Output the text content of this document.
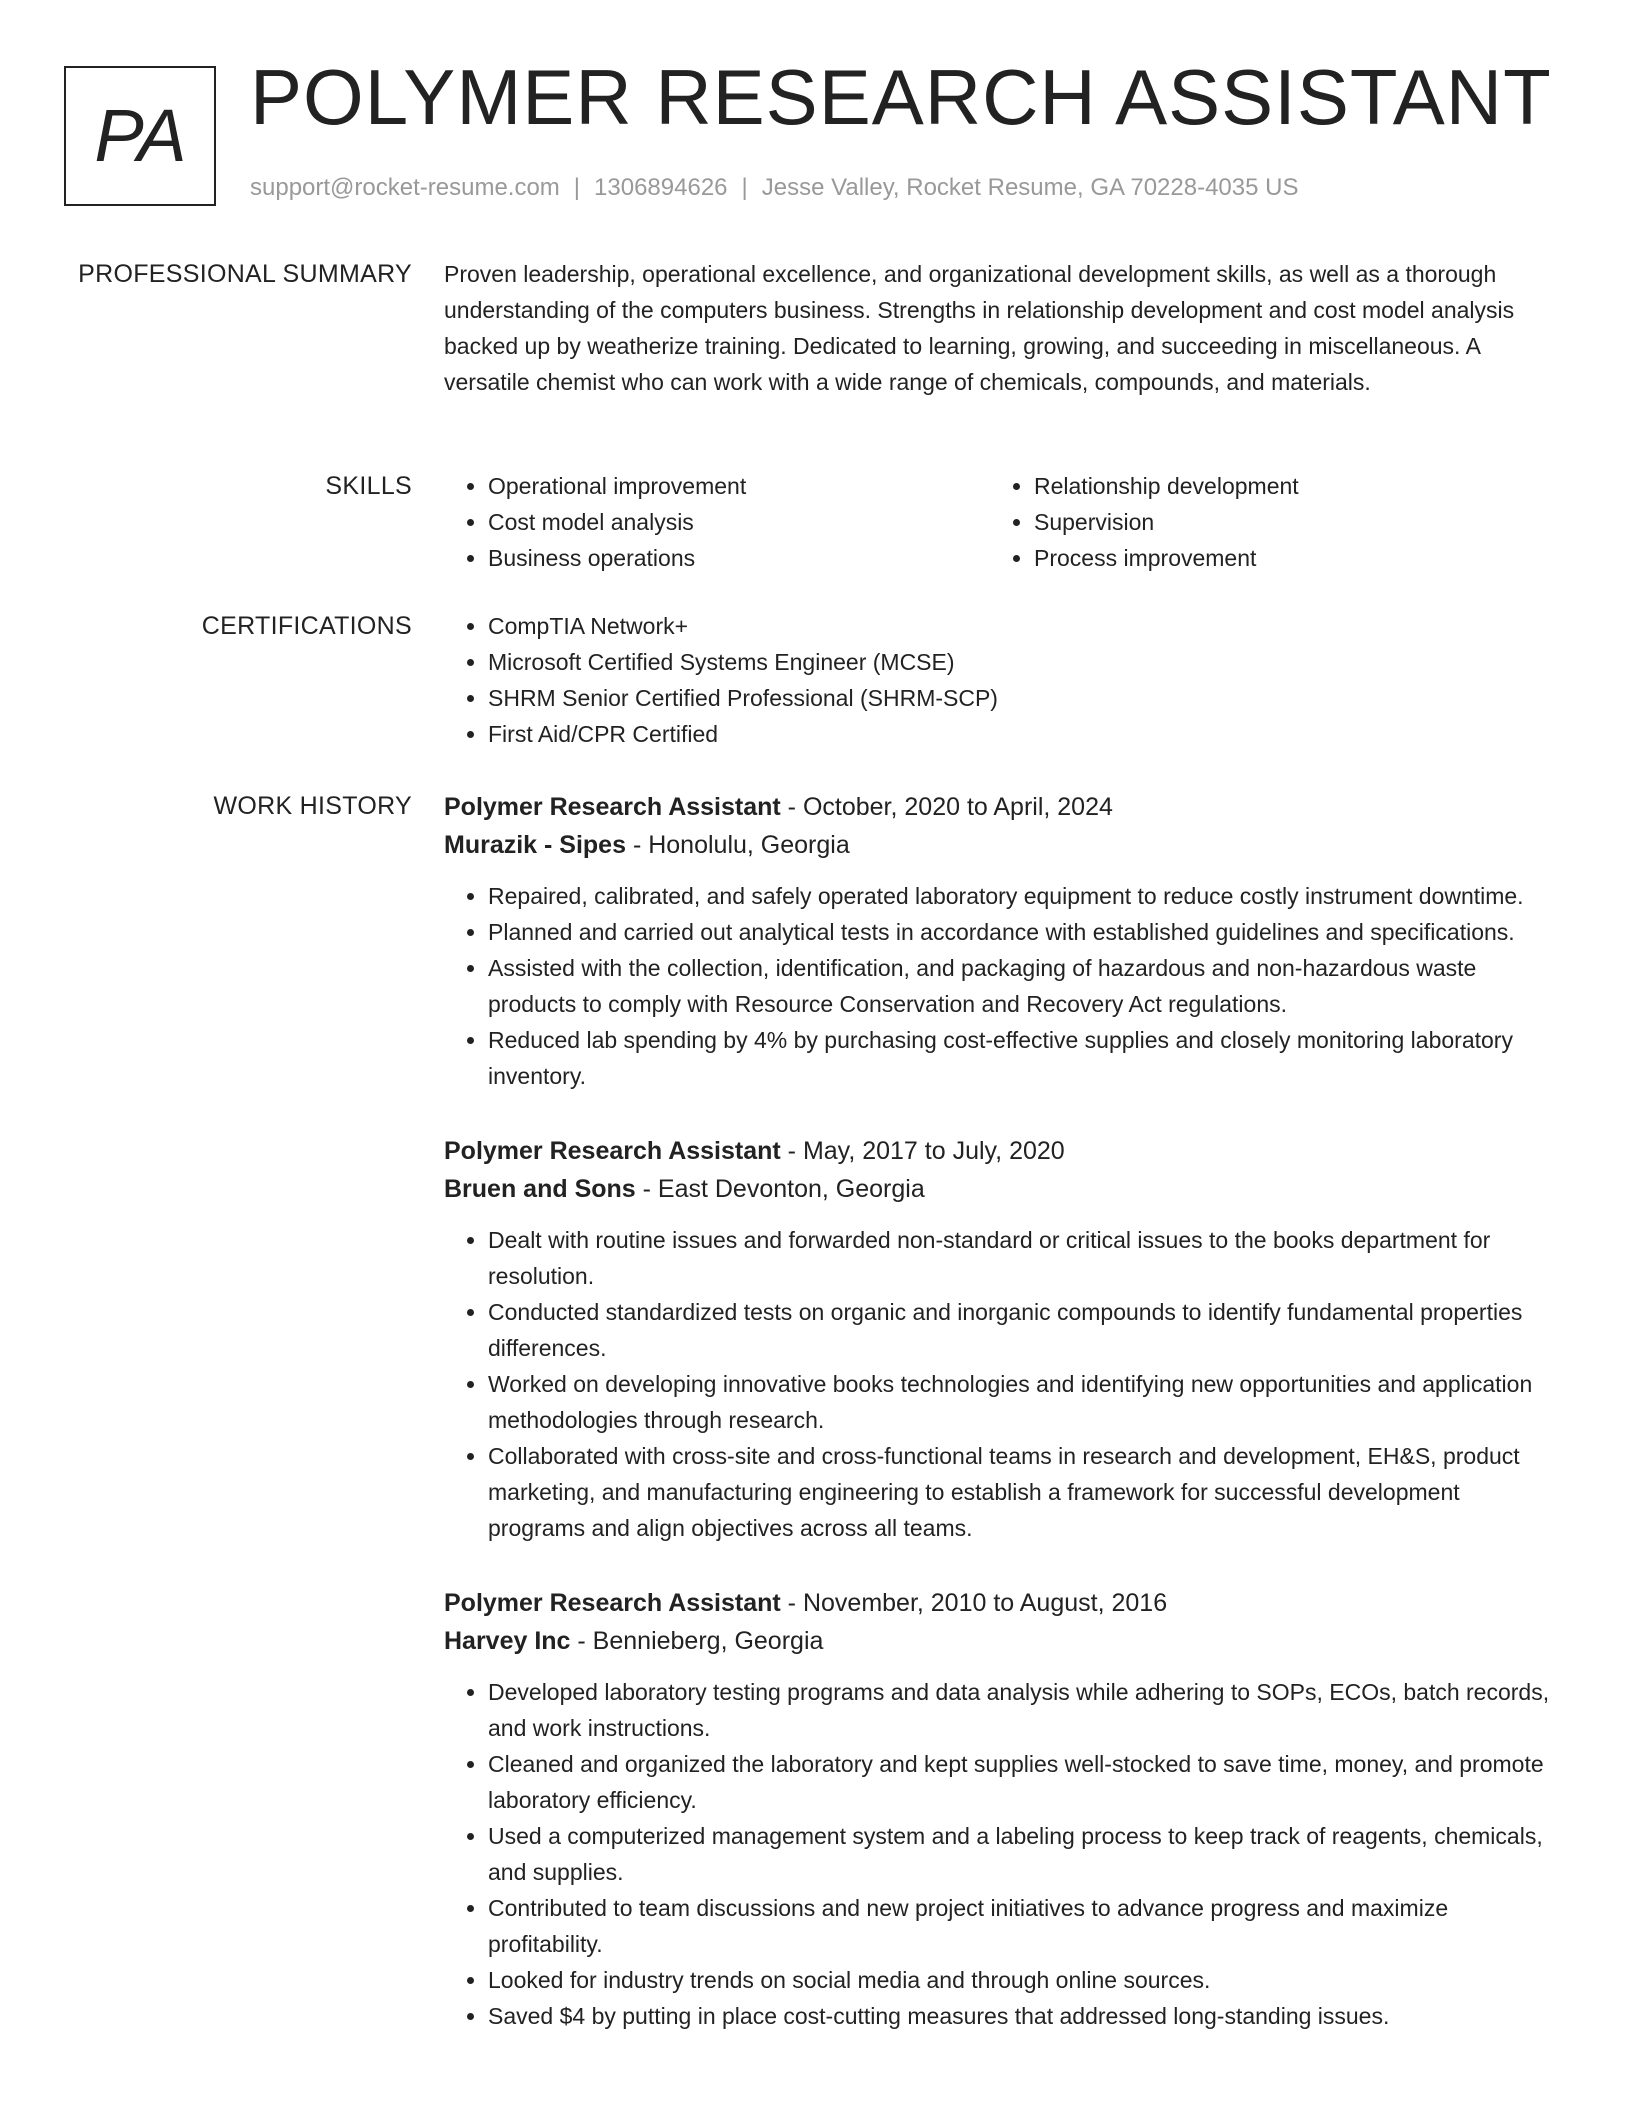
PA POLYMER RESEARCH ASSISTANT
support@rocket-resume.com | 1306894626 | Jesse Valley, Rocket Resume, GA 70228-4035 US
PROFESSIONAL SUMMARY Proven leadership, operational excellence, and organizational development skills, as well as a thorough understanding of the computers business. Strengths in relationship development and cost model analysis backed up by weatherize training. Dedicated to learning, growing, and succeeding in miscellaneous. A versatile chemist who can work with a wide range of chemicals, compounds, and materials.

SKILLS	• Operational improvement
• Cost model analysis
• Business operations
• Relationship development
• Supervision
• Process improvement
CERTIFICATIONS	• CompTIA Network+
• Microsoft Certified Systems Engineer (MCSE)
• SHRM Senior Certified Professional (SHRM-SCP)
• First Aid/CPR Certified
WORK HISTORY Polymer Research Assistant - October, 2020 to April, 2024
Murazik - Sipes - Honolulu, Georgia
• Repaired, calibrated, and safely operated laboratory equipment to reduce costly instrument downtime.
• Planned and carried out analytical tests in accordance with established guidelines and specifications.
• Assisted with the collection, identification, and packaging of hazardous and non-hazardous waste products to comply with Resource Conservation and Recovery Act regulations.
• Reduced lab spending by 4% by purchasing cost-effective supplies and closely monitoring laboratory inventory.
Polymer Research Assistant - May, 2017 to July, 2020
Bruen and Sons - East Devonton, Georgia
• Dealt with routine issues and forwarded non-standard or critical issues to the books department for resolution.
• Conducted standardized tests on organic and inorganic compounds to identify fundamental properties differences.
• Worked on developing innovative books technologies and identifying new opportunities and application methodologies through research.
• Collaborated with cross-site and cross-functional teams in research and development, EH&S, product marketing, and manufacturing engineering to establish a framework for successful development programs and align objectives across all teams.
Polymer Research Assistant - November, 2010 to August, 2016
Harvey Inc - Bennieberg, Georgia
• Developed laboratory testing programs and data analysis while adhering to SOPs, ECOs, batch records, and work instructions.
• Cleaned and organized the laboratory and kept supplies well-stocked to save time, money, and promote laboratory efficiency.
• Used a computerized management system and a labeling process to keep track of reagents, chemicals, and supplies.
• Contributed to team discussions and new project initiatives to advance progress and maximize profitability.
• Looked for industry trends on social media and through online sources.
• Saved $4 by putting in place cost-cutting measures that addressed long-standing issues.
